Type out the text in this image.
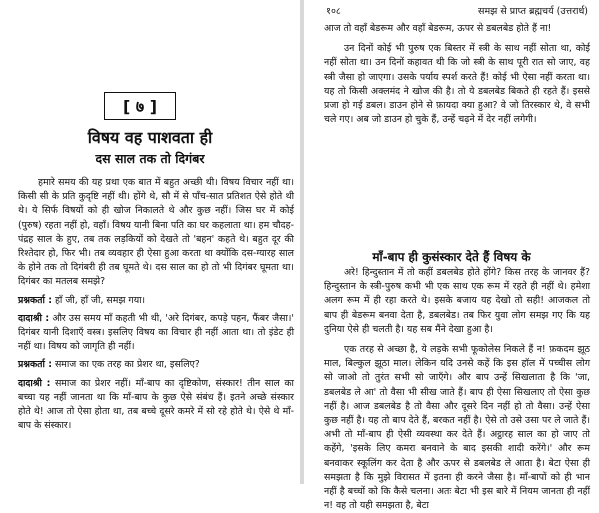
[ ७ ]
विषय वह पाशवता ही
दस साल तक तो दिगंबर

हमारे समय की यह प्रथा एक बात में बहुत अच्छी थी। विषय विचार नहीं था। किसी सी के प्रति कुदृष्टि नहीं थी। होंगे थे, सौ में से पाँच-सात प्रतिशत ऐसे होते थी थे। ये सिर्फ विषयों को ही खोज निकालते थे और कुछ नहीं। जिस घर में कोई (पुरुष) रहता नहीं हो, वहाँ। विषय यानी बिना पति का घर कहलाता था। हम चौदह-पंद्रह साल के हुए, तब तक लड़कियों को देखते तो 'बहन' कहते थे। बहुत दूर की रिश्तेदार हो, फिर भी। तब व्यवहार ही ऐसा हुआ करता था क्योंकि दस-ग्यारह साल के होने तक तो दिगंबरी ही तब घूमते थे। दस साल का हो तो भी दिगंबर घूमता था। दिगंबर का मतलब समझे?

प्रश्नकर्ता : हाँ जी, हाँ जी, समझ गया।

दादाश्री : और उस समय माँ कहती भी थी, 'अरे दिगंबर, कपड़े पहन, फैंबर जैसा।' दिगंबर यानी दिशाएँ वस्त्र। इसलिए विषय का विचार ही नहीं आता था। तो इंडेट ही नहीं था। विषय को जागृति ही नहीं।

प्रश्नकर्ता : समाज का एक तरह का प्रेशर था, इसलिए?

दादाश्री : समाज का प्रेशर नहीं। माँ-बाप का दृष्टिकोण, संस्कार! तीन साल का बच्चा यह नहीं जानता था कि माँ-बाप के कुछ ऐसे संबंध हैं। इतने अच्छे संस्कार होते थे! आज तो ऐसा होता था, तब बच्चे दूसरे कमरे में सो रहे होते थे। ऐसे थे माँ-बाप के संस्कार।

१०८	समझ से प्राप्त ब्रह्मचर्य (उत्तरार्ध)

आज तो वहाँ बेडरूम और वहाँ बेडरूम, ऊपर से डबलबेड होते हैं ना!

उन दिनों कोई भी पुरुष एक बिस्तर में स्त्री के साथ नहीं सोता था, कोई नहीं सोता था। उन दिनों कहावत थी कि जो स्त्री के साथ पूरी रात सो जाए, वह स्त्री जैसा हो जाएगा। उसके पर्याय स्पर्श करते हैं! कोई भी ऐसा नहीं करता था। यह तो किसी अक्लमंद ने खोज की है। तो ये डबलबेड बिकते ही रहते हैं। इससे प्रजा हो गई डबल। डाउन होने से फ़ायदा क्या हुआ? वे जो तिरस्कार थे, वे सभी चले गए। अब जो डाउन हो चुके हैं, उन्हें चढ़ने में देर नहीं लगेगी।

माँ-बाप ही कुसंस्कार देते हैं विषय के

अरे! हिन्दुस्तान में तो कहीं डबलबेड होते होंगे? किस तरह के जानवर हैं? हिन्दुस्तान के स्त्री-पुरुष कभी भी एक साथ एक रूम में रहते ही नहीं थे। हमेशा अलग रूम में ही रहा करते थे। इसके बजाय यह देखो तो सही! आजकल तो बाप ही बेडरूम बनवा देता है, डबलबेड। तब फिर युवा लोग समझ गए कि यह दुनिया ऐसे ही चलती है। यह सब मैंने देखा हुआ है।

एक तरह से अच्छा है, ये लड़के सभी फूकोलेस निकले हैं न! फ़कदम झूठ माल, बिल्कुल झूठा माल। लेकिन यदि उनसे कहें कि इस हॉल में पच्चीस लोग सो जाओ तो तुरंत सभी सो जाएँगे। और बाप उन्हें सिखलाता है कि 'जा, डबलबेड ले आ' तो वैसा भी सीख जाते हैं। बाप ही ऐसा सिखलाए तो ऐसा कुछ नहीं है। आज डबलबेड है तो वैसा और दूसरे दिन नहीं हो तो वैसा। उन्हें ऐसा कुछ नहीं है। यह तो बाप देते हैं, बरकत नहीं है। ऐसे तो उसे उसा पर ले जाते हैं। अभी तो माँ-बाप ही ऐसी व्यवस्था कर देते हैं। अट्ठारह साल का हो जाए तो कहेंगे, 'इसके लिए कमरा बनवाने के बाद इसकी शादी करेंगे।' और रूम बनवाकर स्कूलिंग कर देता है और ऊपर से डबलबेड ले आता है। बेटा ऐसा ही समझता है कि मुझे विरासत में इतना ही करने जैसा है। माँ-बापों को ही भान नहीं है बच्चों को कि कैसे चलना। अतः बेटा भी इस बारे में नियम जानता ही नहीं न! वह तो यही समझता है, बेटा
